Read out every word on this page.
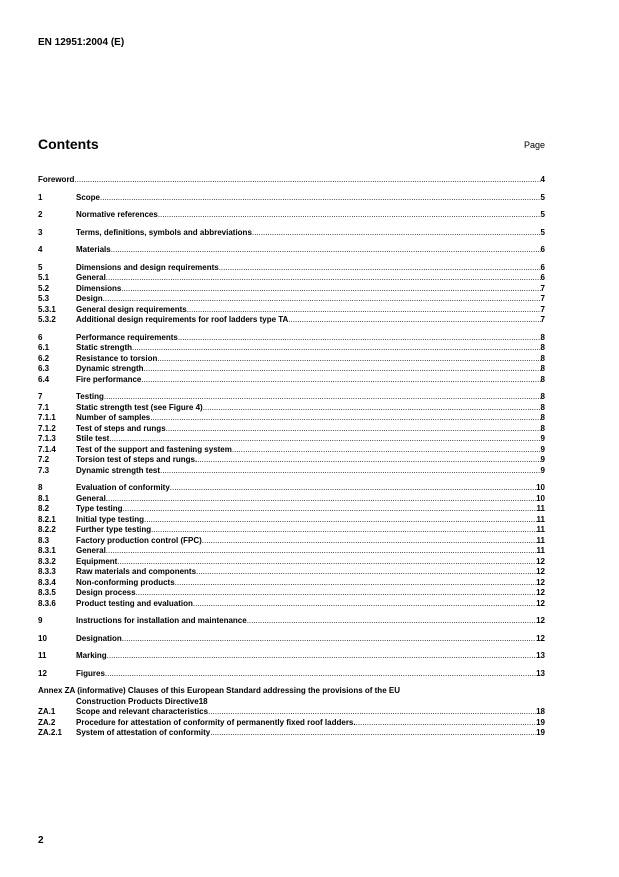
EN 12951:2004 (E)
Contents	Page
Foreword .....	4
1	Scope .....	5
2	Normative references .....	5
3	Terms, definitions, symbols and abbreviations .....	5
4	Materials .....	6
5	Dimensions and design requirements .....	6
5.1	General .....	6
5.2	Dimensions .....	7
5.3	Design .....	7
5.3.1	General design requirements .....	7
5.3.2	Additional design requirements for roof ladders type TA .....	7
6	Performance requirements .....	8
6.1	Static strength .....	8
6.2	Resistance to torsion .....	8
6.3	Dynamic strength .....	8
6.4	Fire performance .....	8
7	Testing .....	8
7.1	Static strength test (see Figure 4) .....	8
7.1.1	Number of samples .....	8
7.1.2	Test of steps and rungs .....	8
7.1.3	Stile test .....	9
7.1.4	Test of the support and fastening system .....	9
7.2	Torsion test of steps and rungs. .....	9
7.3	Dynamic strength test .....	9
8	Evaluation of conformity .....	10
8.1	General .....	10
8.2	Type testing .....	11
8.2.1	Initial type testing .....	11
8.2.2	Further type testing .....	11
8.3	Factory production control (FPC) .....	11
8.3.1	General .....	11
8.3.2	Equipment .....	12
8.3.3	Raw materials and components .....	12
8.3.4	Non-conforming products .....	12
8.3.5	Design process .....	12
8.3.6	Product testing and evaluation .....	12
9	Instructions for installation and maintenance .....	12
10	Designation .....	12
11	Marking .....	13
12	Figures .....	13
Annex ZA (informative) Clauses of this European Standard addressing the provisions of the EU
Construction Products Directive 18
ZA.1	Scope and relevant characteristics .....	18
ZA.2	Procedure for attestation of conformity of permanently fixed roof ladders. .....	19
ZA.2.1	System of attestation of conformity .....	19
2
